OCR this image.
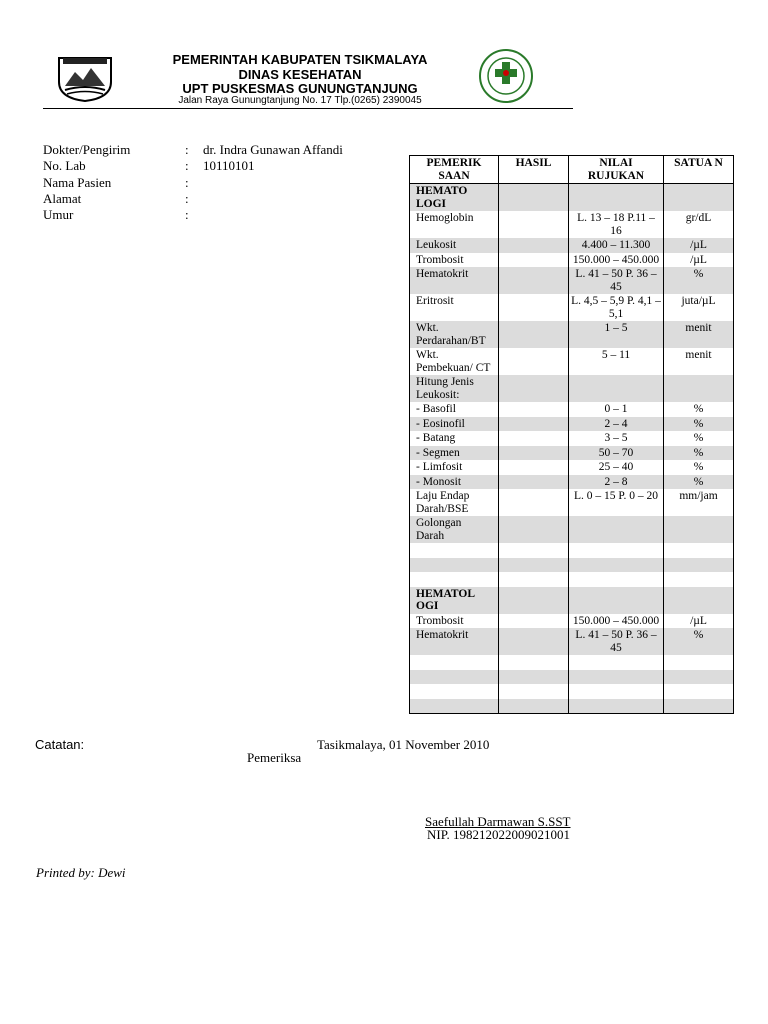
PEMERINTAH KABUPATEN TSIKMALAYA
DINAS KESEHATAN
UPT PUSKESMAS GUNUNGTANJUNG
Jalan Raya Gunungtanjung No. 17 Tlp.(0265) 2390045
Dokter/Pengirim	: dr. Indra Gunawan Affandi
No. Lab	: 10110101
Nama Pasien	:
Alamat	:
Umur	:
PEMERIK SAAN	HASIL	NILAI RUJUKAN	SATUA N
HEMATO LOGI			
Hemoglobin		L. 13 – 18 P.11 – 16	gr/dL
Leukosit		4.400 – 11.300	/µL
Trombosit		150.000 – 450.000	/µL
Hematokrit		L. 41 – 50 P. 36 – 45	%
Eritrosit		L. 4,5 – 5,9 P. 4,1 – 5,1	juta/µL
Wkt. Perdarahan/BT		1 – 5	menit
Wkt. Pembekuan/ CT		5 – 11	menit
Hitung Jenis Leukosit:			
- Basofil		0 – 1	%
- Eosinofil		2 – 4	%
- Batang		3 – 5	%
- Segmen		50 – 70	%
- Limfosit		25 – 40	%
- Monosit		2 – 8	%
Laju Endap Darah/BSE		L. 0 – 15 P. 0 – 20	mm/jam
Golongan Darah			

HEMATOL OGI			
Trombosit		150.000 – 450.000	/µL
Hematokrit		L. 41 – 50 P. 36 – 45	%

Catatan:	Tasikmalaya, 01 November 2010
Pemeriksa
Saefullah Darmawan S.SST
NIP. 198212022009021001
Printed by: Dewi
